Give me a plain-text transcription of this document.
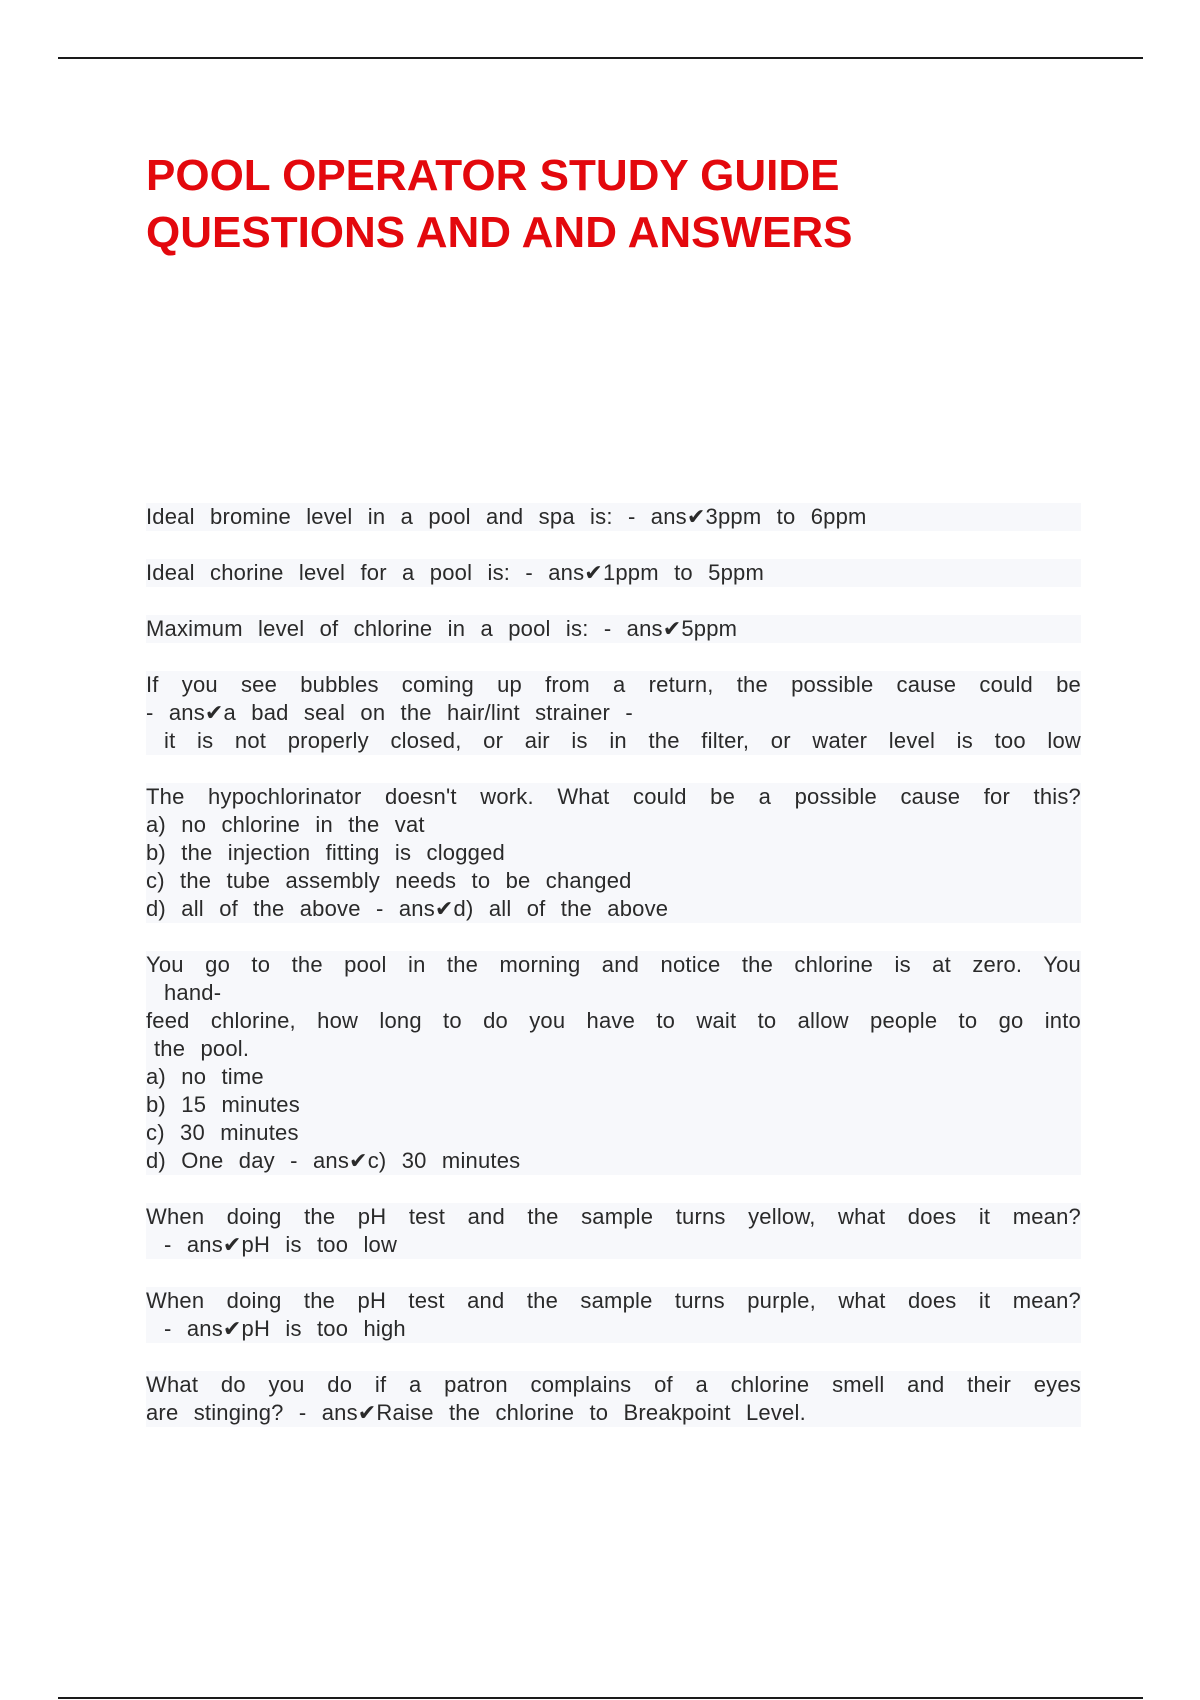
POOL OPERATOR STUDY GUIDE
QUESTIONS AND AND ANSWERS
Ideal bromine level in a pool and spa is: - ans✔3ppm to 6ppm
Ideal chorine level for a pool is: - ans✔1ppm to 5ppm
Maximum level of chlorine in a pool is: - ans✔5ppm
If you see bubbles coming up from a return, the possible cause could be
- ans✔a bad seal on the hair/lint strainer -
it is not properly closed, or air is in the filter, or water level is too low
The hypochlorinator doesn't work. What could be a possible cause for this?
a) no chlorine in the vat
b) the injection fitting is clogged
c) the tube assembly needs to be changed
d) all of the above - ans✔d) all of the above
You go to the pool in the morning and notice the chlorine is at zero. You
hand-
feed chlorine, how long to do you have to wait to allow people to go into
the pool.
a) no time
b) 15 minutes
c) 30 minutes
d) One day - ans✔c) 30 minutes
When doing the pH test and the sample turns yellow, what does it mean?
- ans✔pH is too low
When doing the pH test and the sample turns purple, what does it mean?
- ans✔pH is too high
What do you do if a patron complains of a chlorine smell and their eyes
are stinging? - ans✔Raise the chlorine to Breakpoint Level.
